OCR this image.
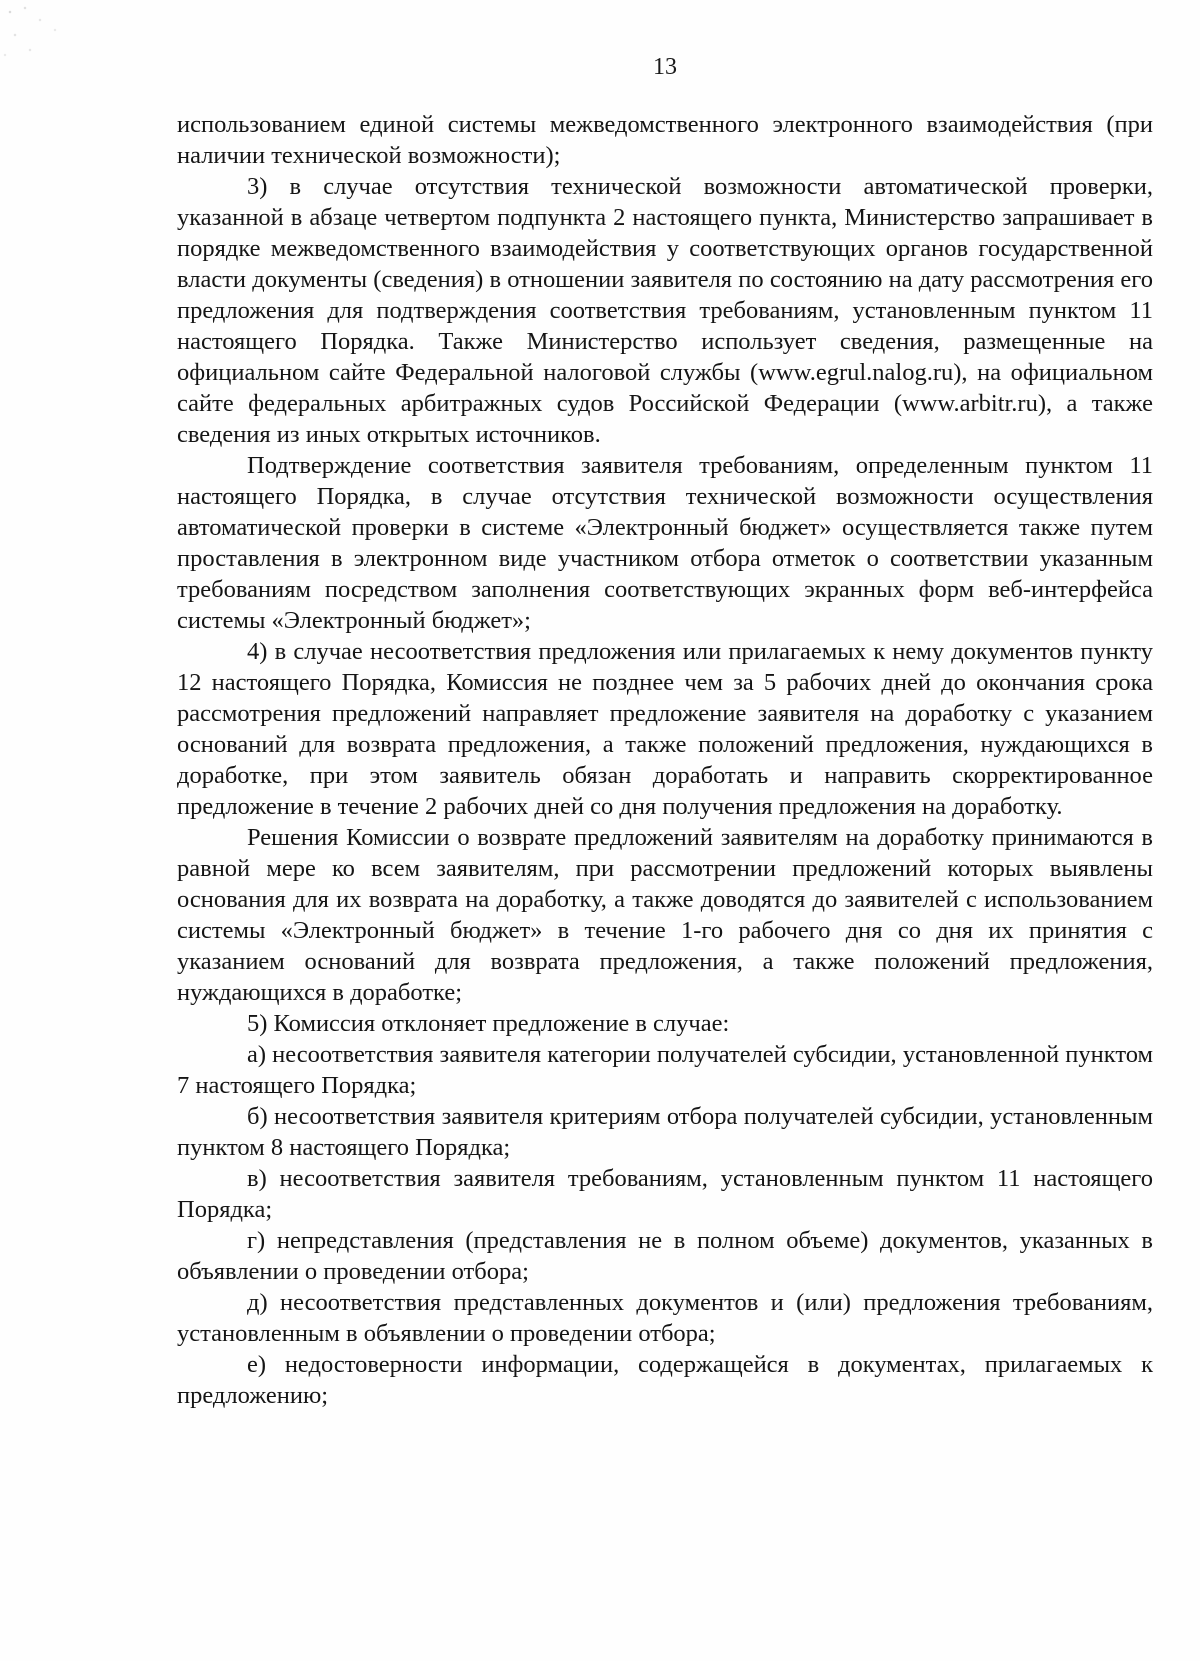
13

использованием единой системы межведомственного электронного взаимодействия (при наличии технической возможности);

3) в случае отсутствия технической возможности автоматической проверки, указанной в абзаце четвертом подпункта 2 настоящего пункта, Министерство запрашивает в порядке межведомственного взаимодействия у соответствующих органов государственной власти документы (сведения) в отношении заявителя по состоянию на дату рассмотрения его предложения для подтверждения соответствия требованиям, установленным пунктом 11 настоящего Порядка. Также Министерство использует сведения, размещенные на официальном сайте Федеральной налоговой службы (www.egrul.nalog.ru), на официальном сайте федеральных арбитражных судов Российской Федерации (www.arbitr.ru), а также сведения из иных открытых источников.

Подтверждение соответствия заявителя требованиям, определенным пунктом 11 настоящего Порядка, в случае отсутствия технической возможности осуществления автоматической проверки в системе «Электронный бюджет» осуществляется также путем проставления в электронном виде участником отбора отметок о соответствии указанным требованиям посредством заполнения соответствующих экранных форм веб-интерфейса системы «Электронный бюджет»;

4) в случае несоответствия предложения или прилагаемых к нему документов пункту 12 настоящего Порядка, Комиссия не позднее чем за 5 рабочих дней до окончания срока рассмотрения предложений направляет предложение заявителя на доработку с указанием оснований для возврата предложения, а также положений предложения, нуждающихся в доработке, при этом заявитель обязан доработать и направить скорректированное предложение в течение 2 рабочих дней со дня получения предложения на доработку.

Решения Комиссии о возврате предложений заявителям на доработку принимаются в равной мере ко всем заявителям, при рассмотрении предложений которых выявлены основания для их возврата на доработку, а также доводятся до заявителей с использованием системы «Электронный бюджет» в течение 1-го рабочего дня со дня их принятия с указанием оснований для возврата предложения, а также положений предложения, нуждающихся в доработке;

5) Комиссия отклоняет предложение в случае:

а) несоответствия заявителя категории получателей субсидии, установленной пунктом 7 настоящего Порядка;

б) несоответствия заявителя критериям отбора получателей субсидии, установленным пунктом 8 настоящего Порядка;

в) несоответствия заявителя требованиям, установленным пунктом 11 настоящего Порядка;

г) непредставления (представления не в полном объеме) документов, указанных в объявлении о проведении отбора;

д) несоответствия представленных документов и (или) предложения требованиям, установленным в объявлении о проведении отбора;

е) недостоверности информации, содержащейся в документах, прилагаемых к предложению;
